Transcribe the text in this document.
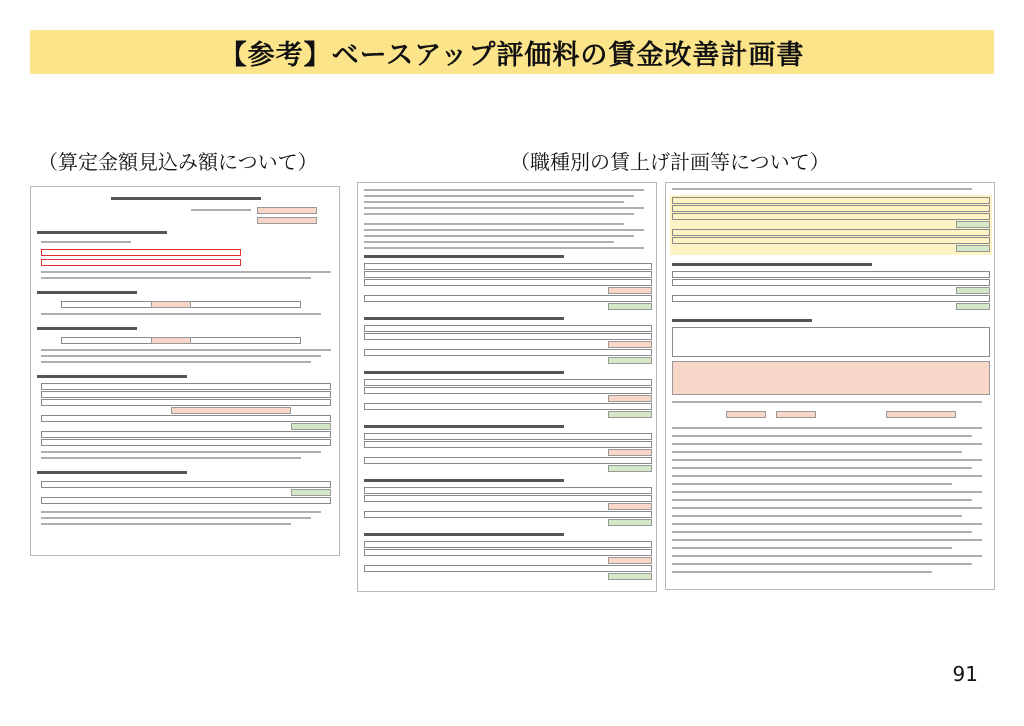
【参考】ベースアップ評価料の賃金改善計画書
（算定金額見込み額について）	（職種別の賃上げ計画等について）
91
